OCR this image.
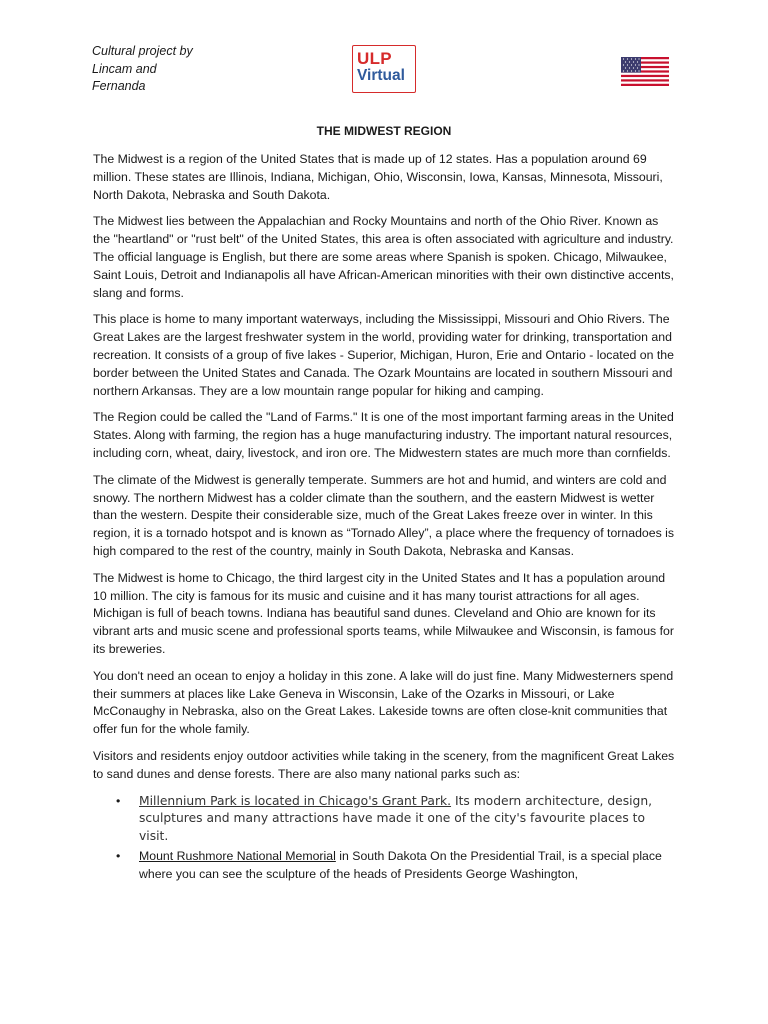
Cultural project by
Lincam and
Fernanda
ULP
Virtual
THE MIDWEST REGION

The Midwest is a region of the United States that is made up of 12 states. Has a population around 69 million. These states are Illinois, Indiana, Michigan, Ohio, Wisconsin, Iowa, Kansas, Minnesota, Missouri, North Dakota, Nebraska and South Dakota.

The Midwest lies between the Appalachian and Rocky Mountains and north of the Ohio River. Known as the "heartland" or "rust belt" of the United States, this area is often associated with agriculture and industry. The official language is English, but there are some areas where Spanish is spoken. Chicago, Milwaukee, Saint Louis, Detroit and Indianapolis all have African-American minorities with their own distinctive accents, slang and forms.

This place is home to many important waterways, including the Mississippi, Missouri and Ohio Rivers. The Great Lakes are the largest freshwater system in the world, providing water for drinking, transportation and recreation. It consists of a group of five lakes - Superior, Michigan, Huron, Erie and Ontario - located on the border between the United States and Canada. The Ozark Mountains are located in southern Missouri and northern Arkansas. They are a low mountain range popular for hiking and camping.

The Region could be called the "Land of Farms." It is one of the most important farming areas in the United States. Along with farming, the region has a huge manufacturing industry. The important natural resources, including corn, wheat, dairy, livestock, and iron ore. The Midwestern states are much more than cornfields.

The climate of the Midwest is generally temperate. Summers are hot and humid, and winters are cold and snowy. The northern Midwest has a colder climate than the southern, and the eastern Midwest is wetter than the western. Despite their considerable size, much of the Great Lakes freeze over in winter. In this region, it is a tornado hotspot and is known as “Tornado Alley”, a place where the frequency of tornadoes is high compared to the rest of the country, mainly in South Dakota, Nebraska and Kansas.

The Midwest is home to Chicago, the third largest city in the United States and It has a population around 10 million. The city is famous for its music and cuisine and it has many tourist attractions for all ages. Michigan is full of beach towns. Indiana has beautiful sand dunes. Cleveland and Ohio are known for its vibrant arts and music scene and professional sports teams, while Milwaukee and Wisconsin, is famous for its breweries.

You don't need an ocean to enjoy a holiday in this zone. A lake will do just fine. Many Midwesterners spend their summers at places like Lake Geneva in Wisconsin, Lake of the Ozarks in Missouri, or Lake McConaughy in Nebraska, also on the Great Lakes. Lakeside towns are often close-knit communities that offer fun for the whole family.

Visitors and residents enjoy outdoor activities while taking in the scenery, from the magnificent Great Lakes to sand dunes and dense forests. There are also many national parks such as:

• Millennium Park is located in Chicago's Grant Park. Its modern architecture, design, sculptures and many attractions have made it one of the city's favourite places to visit.
• Mount Rushmore National Memorial in South Dakota On the Presidential Trail, is a special place where you can see the sculpture of the heads of Presidents George Washington,
